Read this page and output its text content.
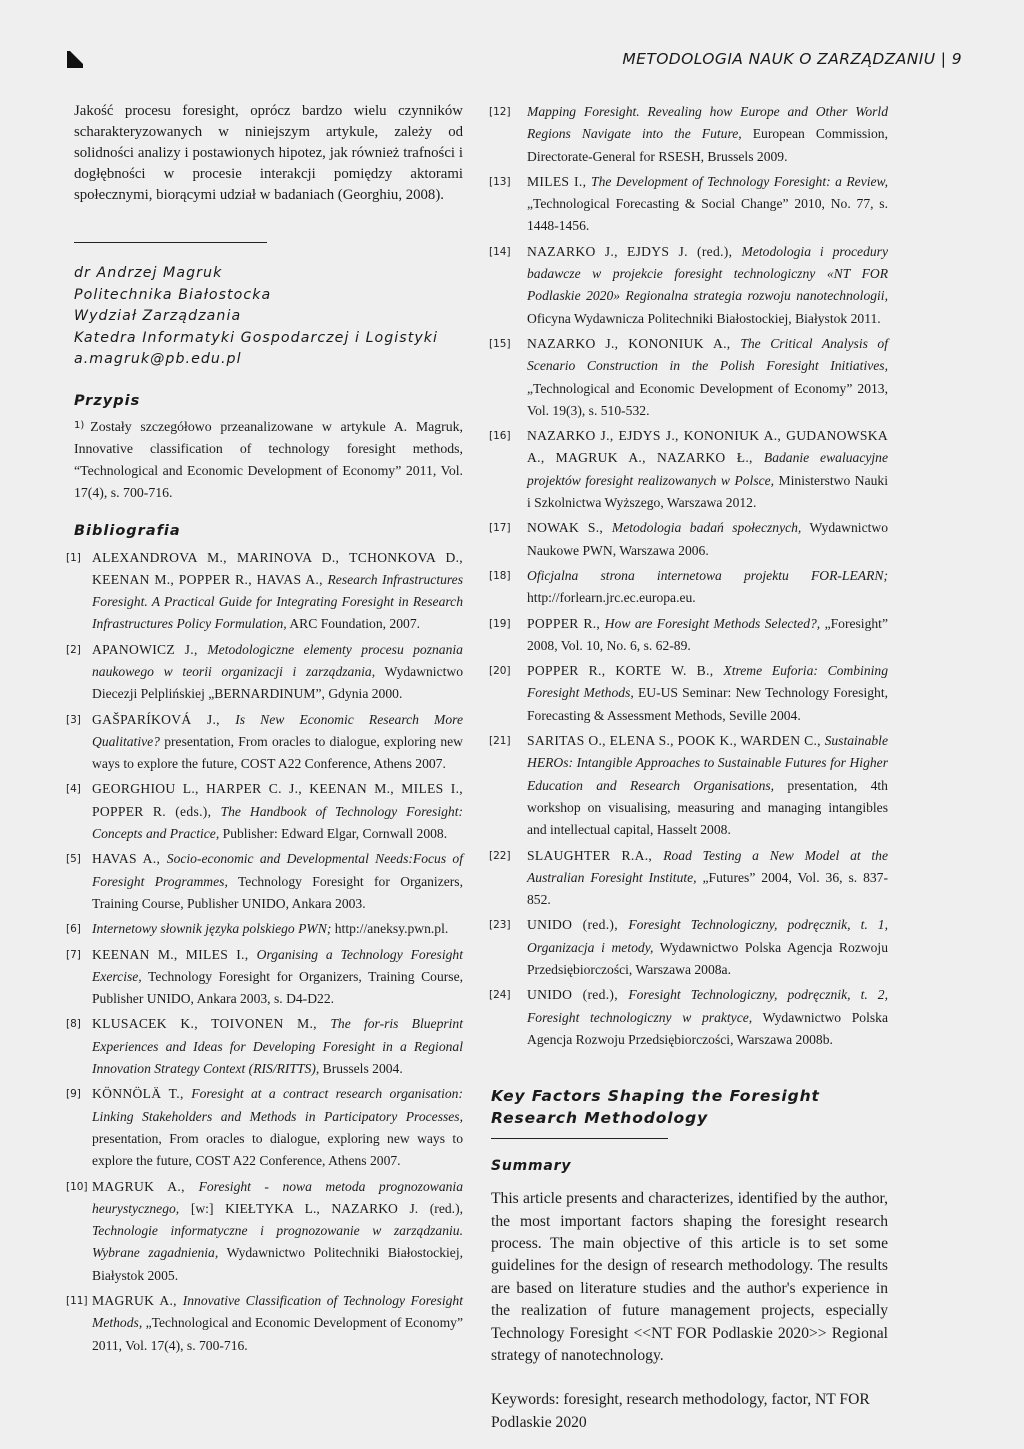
METODOLOGIA NAUK O ZARZĄDZANIU | 9

Jakość procesu foresight, oprócz bardzo wielu czynników scharakteryzowanych w niniejszym artykule, zależy od solidności analizy i postawionych hipotez, jak również trafności i dogłębności w procesie interakcji pomiędzy aktorami społecznymi, biorącymi udział w badaniach (Georghiu, 2008).

dr Andrzej Magruk
Politechnika Białostocka
Wydział Zarządzania
Katedra Informatyki Gospodarczej i Logistyki
a.magruk@pb.edu.pl
Przypis

$^{1)}$ Zostały szczegółowo przeanalizowane w artykule A. Magruk, Innovative classification of technology foresight methods, “Technological and Economic Development of Economy” 2011, Vol. 17(4), s. 700-716.

Bibliografia

[1] ALEXANDROVA M., MARINOVA D., TCHONKOVA D., KEENAN M., POPPER R., HAVAS A., Research Infrastructures Foresight. A Practical Guide for Integrating Foresight in Research Infrastructures Policy Formulation, ARC Foundation, 2007.

[2] APANOWICZ J., Metodologiczne elementy procesu poznania naukowego w teorii organizacji i zarządzania, Wydawnictwo Diecezji Pelplińskiej „BERNARDINUM”, Gdynia 2000.

[3] GAŠPARÍKOVÁ J., Is New Economic Research More Qualitative? presentation, From oracles to dialogue, exploring new ways to explore the future, COST A22 Conference, Athens 2007.

[4] GEORGHIOU L., HARPER C. J., KEENAN M., MILES I., POPPER R. (eds.), The Handbook of Technology Foresight: Concepts and Practice, Publisher: Edward Elgar, Cornwall 2008.

[5] HAVAS A., Socio-economic and Developmental Needs:Focus of Foresight Programmes, Technology Foresight for Organizers, Training Course, Publisher UNIDO, Ankara 2003.

[6] Internetowy słownik języka polskiego PWN; http://aneksy.pwn.pl.

[7] KEENAN M., MILES I., Organising a Technology Foresight Exercise, Technology Foresight for Organizers, Training Course, Publisher UNIDO, Ankara 2003, s. D4-D22.

[8] KLUSACEK K., TOIVONEN M., The for-ris Blueprint Experiences and Ideas for Developing Foresight in a Regional Innovation Strategy Context (RIS/RITTS), Brussels 2004.

[9] KÖNNÖLÄ T., Foresight at a contract research organisation: Linking Stakeholders and Methods in Participatory Processes, presentation, From oracles to dialogue, exploring new ways to explore the future, COST A22 Conference, Athens 2007.

[10] MAGRUK A., Foresight - nowa metoda prognozowania heurystycznego, [w:] KIEŁTYKA L., NAZARKO J. (red.), Technologie informatyczne i prognozowanie w zarządzaniu. Wybrane zagadnienia, Wydawnictwo Politechniki Białostockiej, Białystok 2005.

[11] MAGRUK A., Innovative Classification of Technology Foresight Methods, „Technological and Economic Development of Economy” 2011, Vol. 17(4), s. 700-716.

[12] Mapping Foresight. Revealing how Europe and Other World Regions Navigate into the Future, European Commission, Directorate-General for RSESH, Brussels 2009.

[13] MILES I., The Development of Technology Foresight: a Review, „Technological Forecasting & Social Change” 2010, No. 77, s. 1448-1456.

[14] NAZARKO J., EJDYS J. (red.), Metodologia i procedury badawcze w projekcie foresight technologiczny «NT FOR Podlaskie 2020» Regionalna strategia rozwoju nanotechnologii, Oficyna Wydawnicza Politechniki Białostockiej, Białystok 2011.

[15] NAZARKO J., KONONIUK A., The Critical Analysis of Scenario Construction in the Polish Foresight Initiatives, „Technological and Economic Development of Economy” 2013, Vol. 19(3), s. 510-532.

[16] NAZARKO J., EJDYS J., KONONIUK A., GUDANOWSKA A., MAGRUK A., NAZARKO Ł., Badanie ewaluacyjne projektów foresight realizowanych w Polsce, Ministerstwo Nauki i Szkolnictwa Wyższego, Warszawa 2012.

[17] NOWAK S., Metodologia badań społecznych, Wydawnictwo Naukowe PWN, Warszawa 2006.

[18] Oficjalna strona internetowa projektu FOR-LEARN; http://forlearn.jrc.ec.europa.eu.

[19] POPPER R., How are Foresight Methods Selected?, „Foresight” 2008, Vol. 10, No. 6, s. 62-89.

[20] POPPER R., KORTE W. B., Xtreme Euforia: Combining Foresight Methods, EU-US Seminar: New Technology Foresight, Forecasting & Assessment Methods, Seville 2004.

[21] SARITAS O., ELENA S., POOK K., WARDEN C., Sustainable HEROs: Intangible Approaches to Sustainable Futures for Higher Education and Research Organisations, presentation, 4th workshop on visualising, measuring and managing intangibles and intellectual capital, Hasselt 2008.

[22] SLAUGHTER R.A., Road Testing a New Model at the Australian Foresight Institute, „Futures” 2004, Vol. 36, s. 837-852.

[23] UNIDO (red.), Foresight Technologiczny, podręcznik, t. 1, Organizacja i metody, Wydawnictwo Polska Agencja Rozwoju Przedsiębiorczości, Warszawa 2008a.

[24] UNIDO (red.), Foresight Technologiczny, podręcznik, t. 2, Foresight technologiczny w praktyce, Wydawnictwo Polska Agencja Rozwoju Przedsiębiorczości, Warszawa 2008b.

Key Factors Shaping the Foresight Research Methodology
Summary

This article presents and characterizes, identified by the author, the most important factors shaping the foresight research process. The main objective of this article is to set some guidelines for the design of research methodology. The results are based on literature studies and the author's experience in the realization of future management projects, especially Technology Foresight <<NT FOR Podlaskie 2020>> Regional strategy of nanotechnology.

Keywords: foresight, research methodology, factor, NT FOR Podlaskie 2020
